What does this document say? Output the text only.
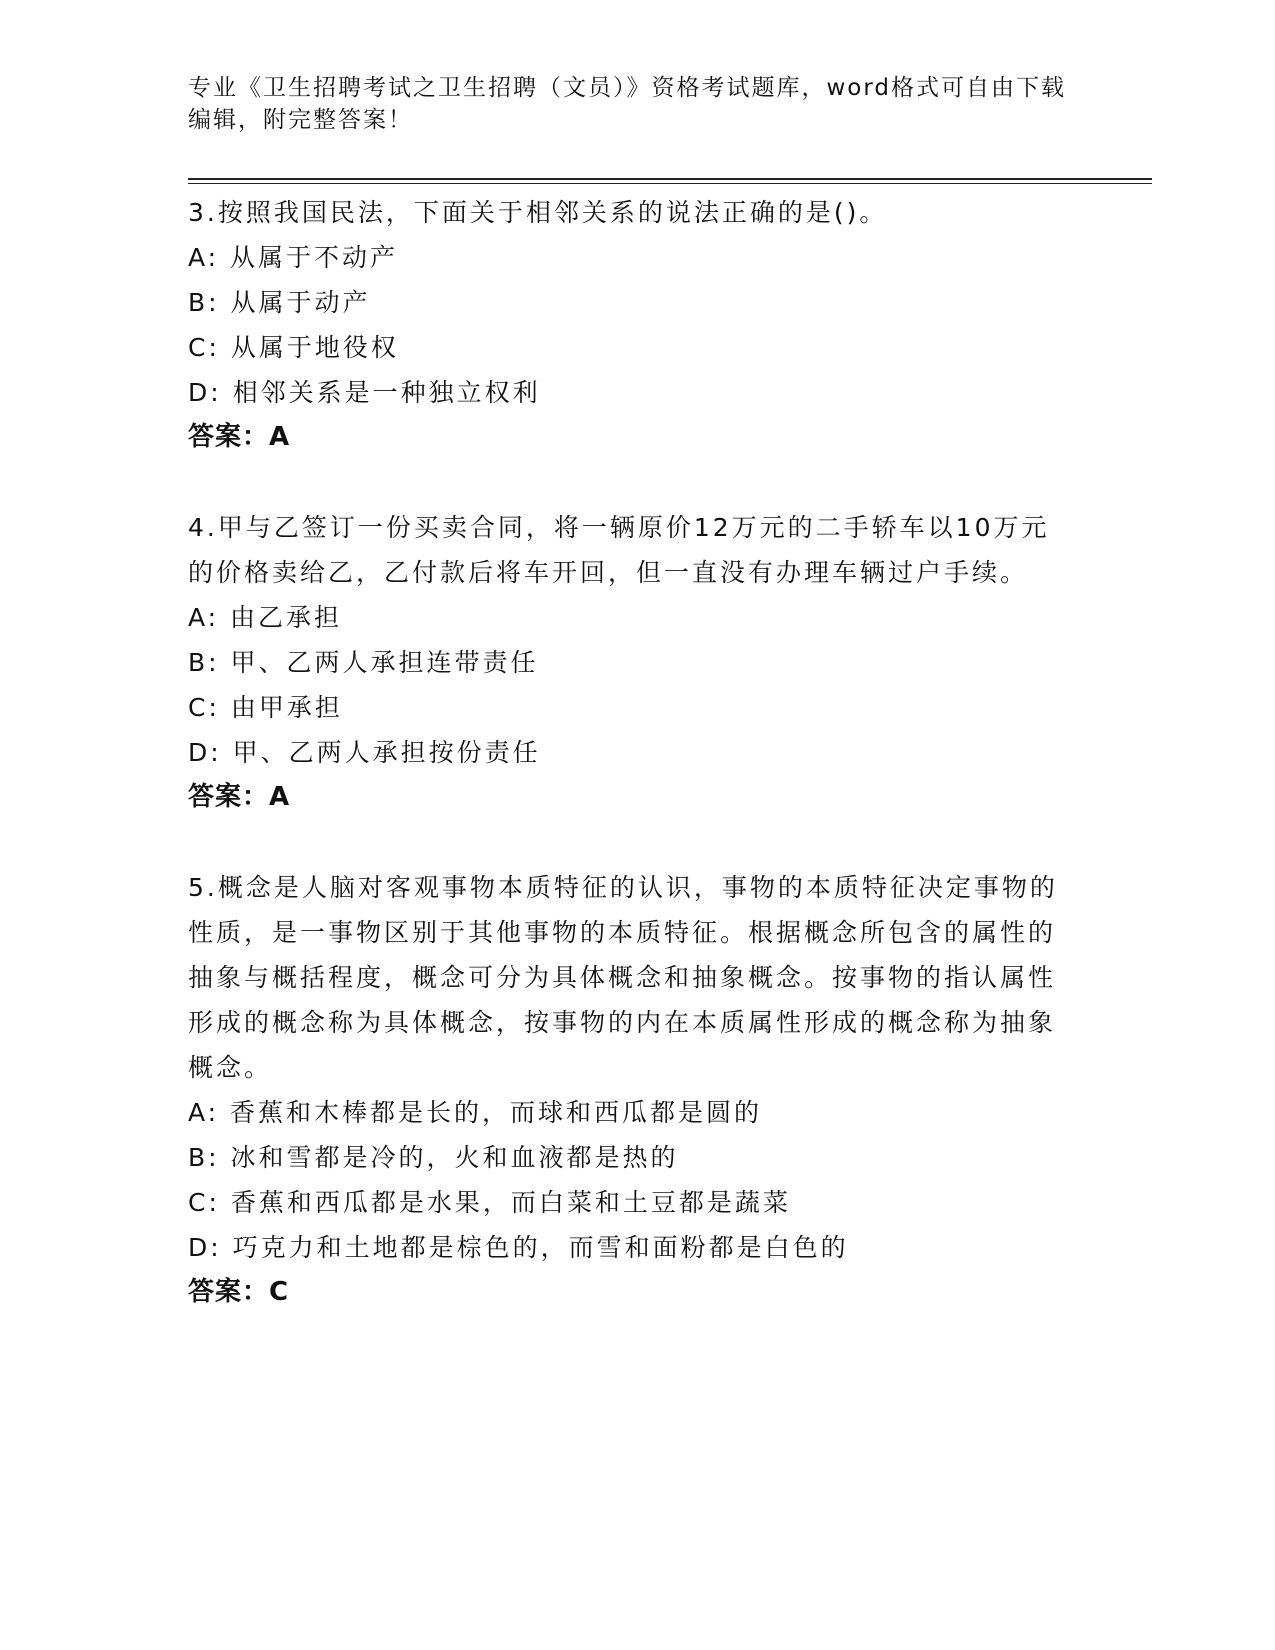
专业《卫生招聘考试之卫生招聘（文员）》资格考试题库，word格式可自由下载编辑，附完整答案！

3.按照我国民法，下面关于相邻关系的说法正确的是()。

A: 从属于不动产

B: 从属于动产

C: 从属于地役权

D: 相邻关系是一种独立权利

答案：A

4.甲与乙签订一份买卖合同，将一辆原价12万元的二手轿车以10万元的价格卖给乙，乙付款后将车开回，但一直没有办理车辆过户手续。

A: 由乙承担

B: 甲、乙两人承担连带责任

C: 由甲承担

D: 甲、乙两人承担按份责任

答案：A

5.概念是人脑对客观事物本质特征的认识，事物的本质特征决定事物的性质，是一事物区别于其他事物的本质特征。根据概念所包含的属性的抽象与概括程度，概念可分为具体概念和抽象概念。按事物的指认属性形成的概念称为具体概念，按事物的内在本质属性形成的概念称为抽象概念。

A: 香蕉和木棒都是长的，而球和西瓜都是圆的

B: 冰和雪都是冷的，火和血液都是热的

C: 香蕉和西瓜都是水果，而白菜和土豆都是蔬菜

D: 巧克力和土地都是棕色的，而雪和面粉都是白色的

答案：C
